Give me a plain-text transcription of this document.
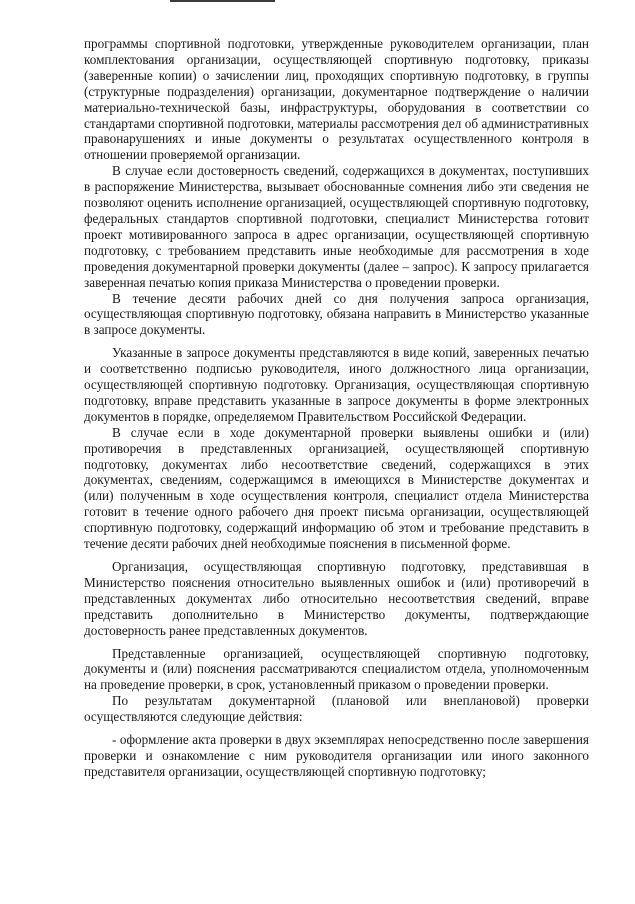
программы спортивной подготовки, утвержденные руководителем организации, план комплектования организации, осуществляющей спортивную подготовку, приказы (заверенные копии) о зачислении лиц, проходящих спортивную подготовку, в группы (структурные подразделения) организации, документарное подтверждение о наличии материально-технической базы, инфраструктуры, оборудования в соответствии со стандартами спортивной подготовки, материалы рассмотрения дел об административных правонарушениях и иные документы о результатах осуществленного контроля в отношении проверяемой организации.

В случае если достоверность сведений, содержащихся в документах, поступивших в распоряжение Министерства, вызывает обоснованные сомнения либо эти сведения не позволяют оценить исполнение организацией, осуществляющей спортивную подготовку, федеральных стандартов спортивной подготовки, специалист Министерства готовит проект мотивированного запроса в адрес организации, осуществляющей спортивную подготовку, с требованием представить иные необходимые для рассмотрения в ходе проведения документарной проверки документы (далее – запрос). К запросу прилагается заверенная печатью копия приказа Министерства о проведении проверки.

В течение десяти рабочих дней со дня получения запроса организация, осуществляющая спортивную подготовку, обязана направить в Министерство указанные в запросе документы.

Указанные в запросе документы представляются в виде копий, заверенных печатью и соответственно подписью руководителя, иного должностного лица организации, осуществляющей спортивную подготовку. Организация, осуществляющая спортивную подготовку, вправе представить указанные в запросе документы в форме электронных документов в порядке, определяемом Правительством Российской Федерации.

В случае если в ходе документарной проверки выявлены ошибки и (или) противоречия в представленных организацией, осуществляющей спортивную подготовку, документах либо несоответствие сведений, содержащихся в этих документах, сведениям, содержащимся в имеющихся в Министерстве документах и (или) полученным в ходе осуществления контроля, специалист отдела Министерства готовит в течение одного рабочего дня проект письма организации, осуществляющей спортивную подготовку, содержащий информацию об этом и требование представить в течение десяти рабочих дней необходимые пояснения в письменной форме.

Организация, осуществляющая спортивную подготовку, представившая в Министерство пояснения относительно выявленных ошибок и (или) противоречий в представленных документах либо относительно несоответствия сведений, вправе представить дополнительно в Министерство документы, подтверждающие достоверность ранее представленных документов.

Представленные организацией, осуществляющей спортивную подготовку, документы и (или) пояснения рассматриваются специалистом отдела, уполномоченным на проведение проверки, в срок, установленный приказом о проведении проверки.

По результатам документарной (плановой или внеплановой) проверки осуществляются следующие действия:

- оформление акта проверки в двух экземплярах непосредственно после завершения проверки и ознакомление с ним руководителя организации или иного законного представителя организации, осуществляющей спортивную подготовку;
